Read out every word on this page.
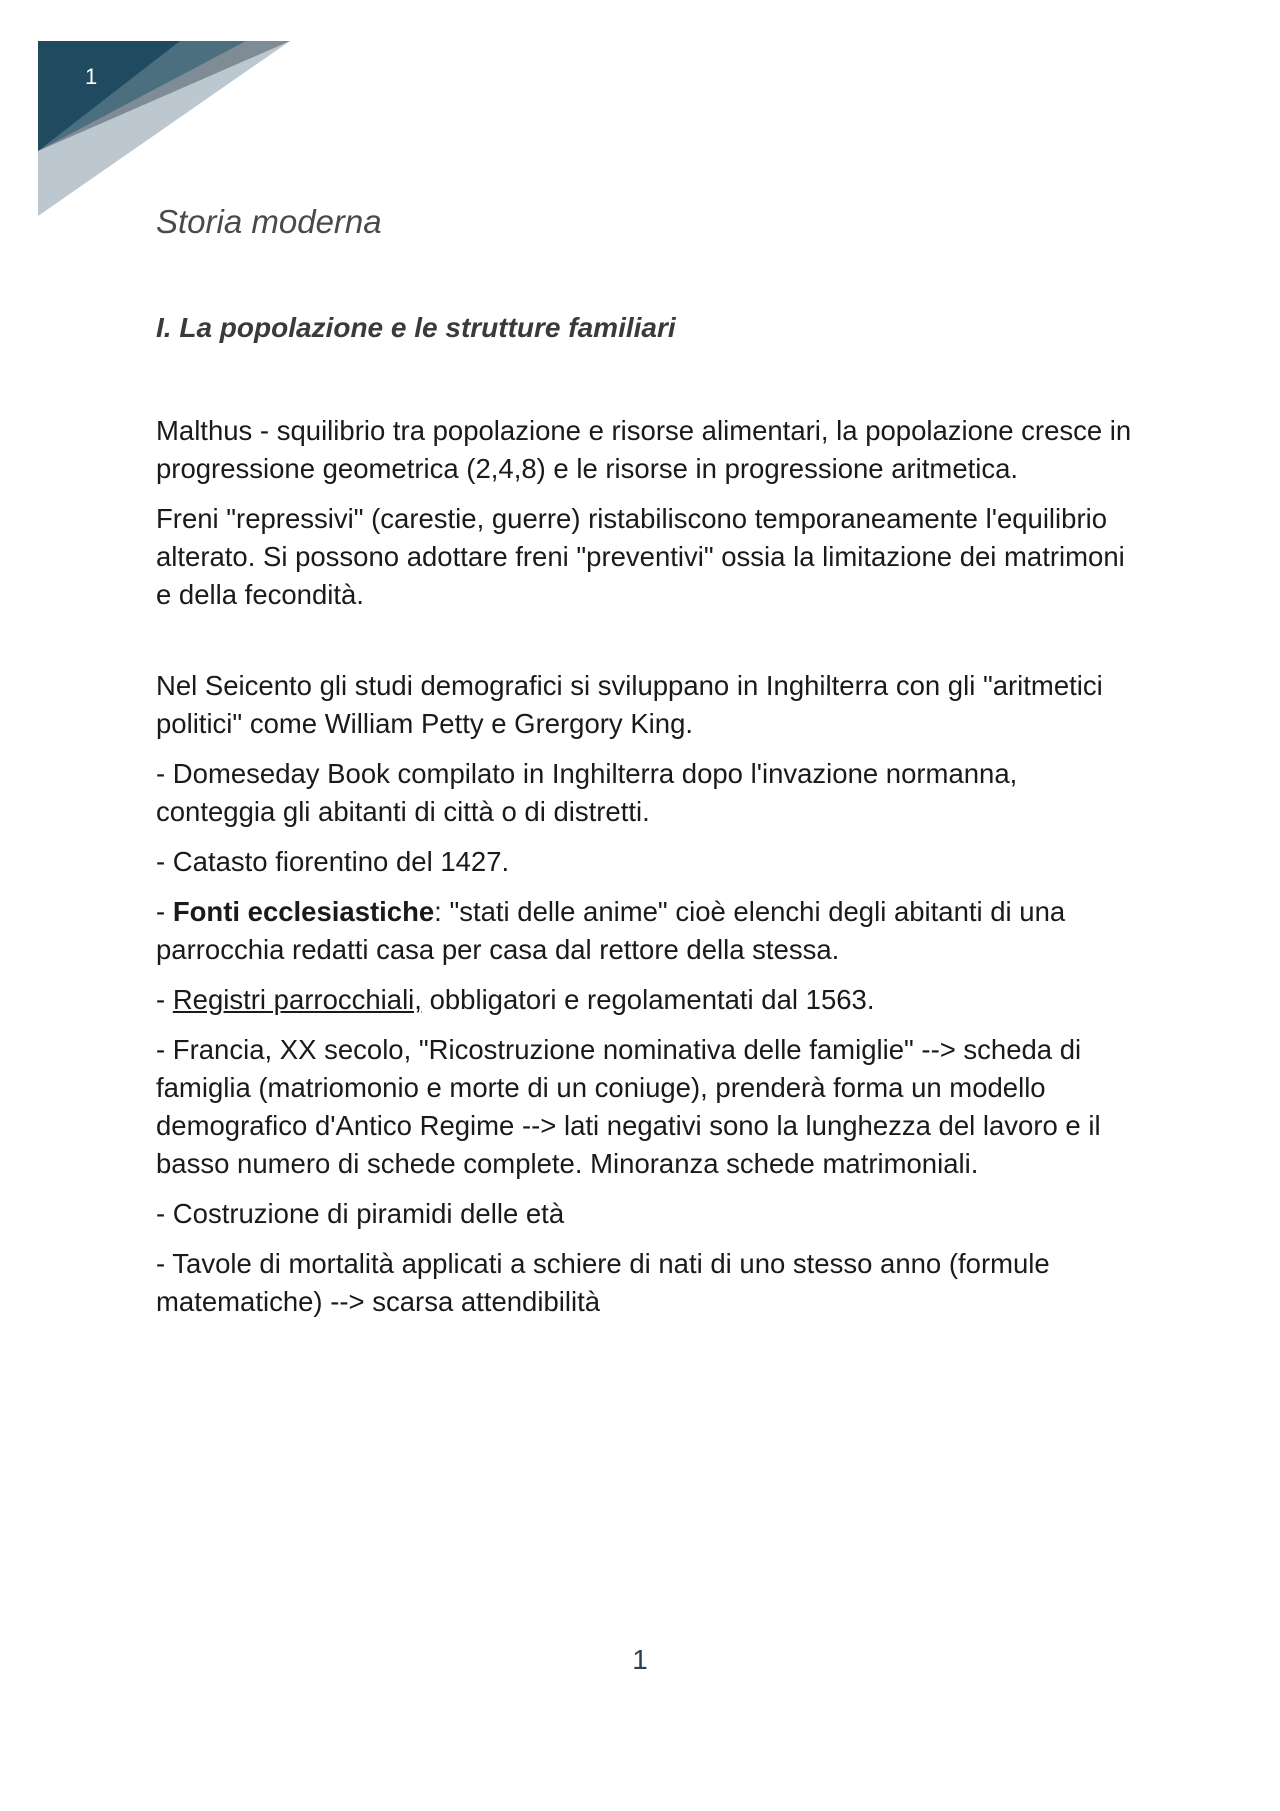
1
Storia moderna
I. La popolazione e le strutture familiari

Malthus - squilibrio tra popolazione e risorse alimentari, la popolazione cresce in progressione geometrica (2,4,8) e le risorse in progressione aritmetica.

Freni "repressivi" (carestie, guerre) ristabiliscono temporaneamente l'equilibrio alterato. Si possono adottare freni "preventivi" ossia la limitazione dei matrimoni e della fecondità.

Nel Seicento gli studi demografici si sviluppano in Inghilterra con gli "aritmetici politici" come William Petty e Grergory King.

- Domeseday Book compilato in Inghilterra dopo l'invazione normanna, conteggia gli abitanti di città o di distretti.

- Catasto fiorentino del 1427.

- Fonti ecclesiastiche: "stati delle anime" cioè elenchi degli abitanti di una parrocchia redatti casa per casa dal rettore della stessa.

- Registri parrocchiali, obbligatori e regolamentati dal 1563.

- Francia, XX secolo, "Ricostruzione nominativa delle famiglie" --> scheda di famiglia (matriomonio e morte di un coniuge), prenderà forma un modello demografico d'Antico Regime --> lati negativi sono la lunghezza del lavoro e il basso numero di schede complete. Minoranza schede matrimoniali.

- Costruzione di piramidi delle età

- Tavole di mortalità applicati a schiere di nati di uno stesso anno (formule matematiche) --> scarsa attendibilità

1
